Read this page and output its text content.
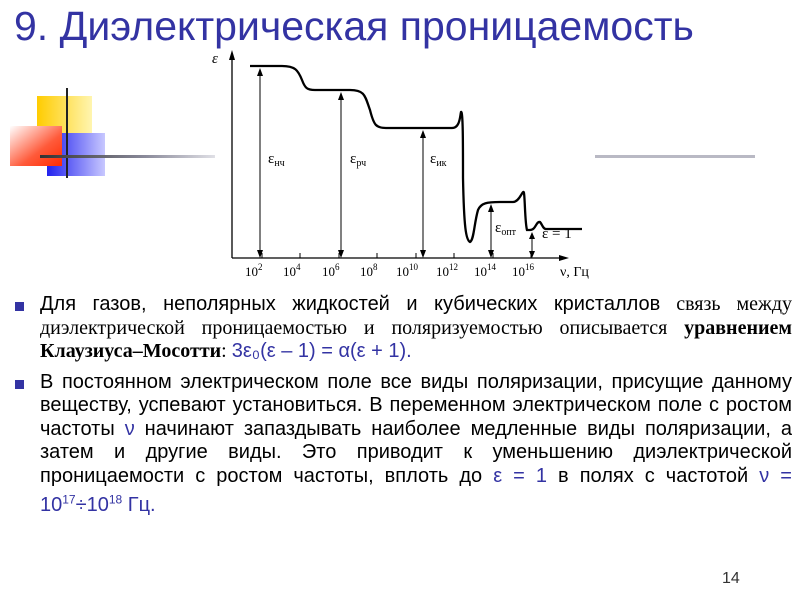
9. Диэлектрическая проницаемость
ε
ν, Гц
$10^2$ $10^4$ $10^6$ $10^8$ $10^{10}$ $10^{12}$ $10^{14}$ $10^{16}$
$\varepsilon_{нч}$	$\varepsilon_{рч}$	$\varepsilon_{ик}$
$\varepsilon_{опт}$ ε = 1
Для газов, неполярных жидкостей и кубических кристаллов связь между диэлектрической проницаемостью и поляризуемостью описывается уравнением Клаузиуса–Мосотти: 3ε₀(ε – 1) = α(ε + 1).
В постоянном электрическом поле все виды поляризации, присущие данному веществу, успевают установиться. В переменном электрическом поле с ростом частоты ν начинают запаздывать наиболее медленные виды поляризации, а затем и другие виды. Это приводит к уменьшению диэлектрической проницаемости с ростом частоты, вплоть до ε = 1 в полях с частотой $\nu = 10^{17}\div 10^{18}$ Гц.
14
